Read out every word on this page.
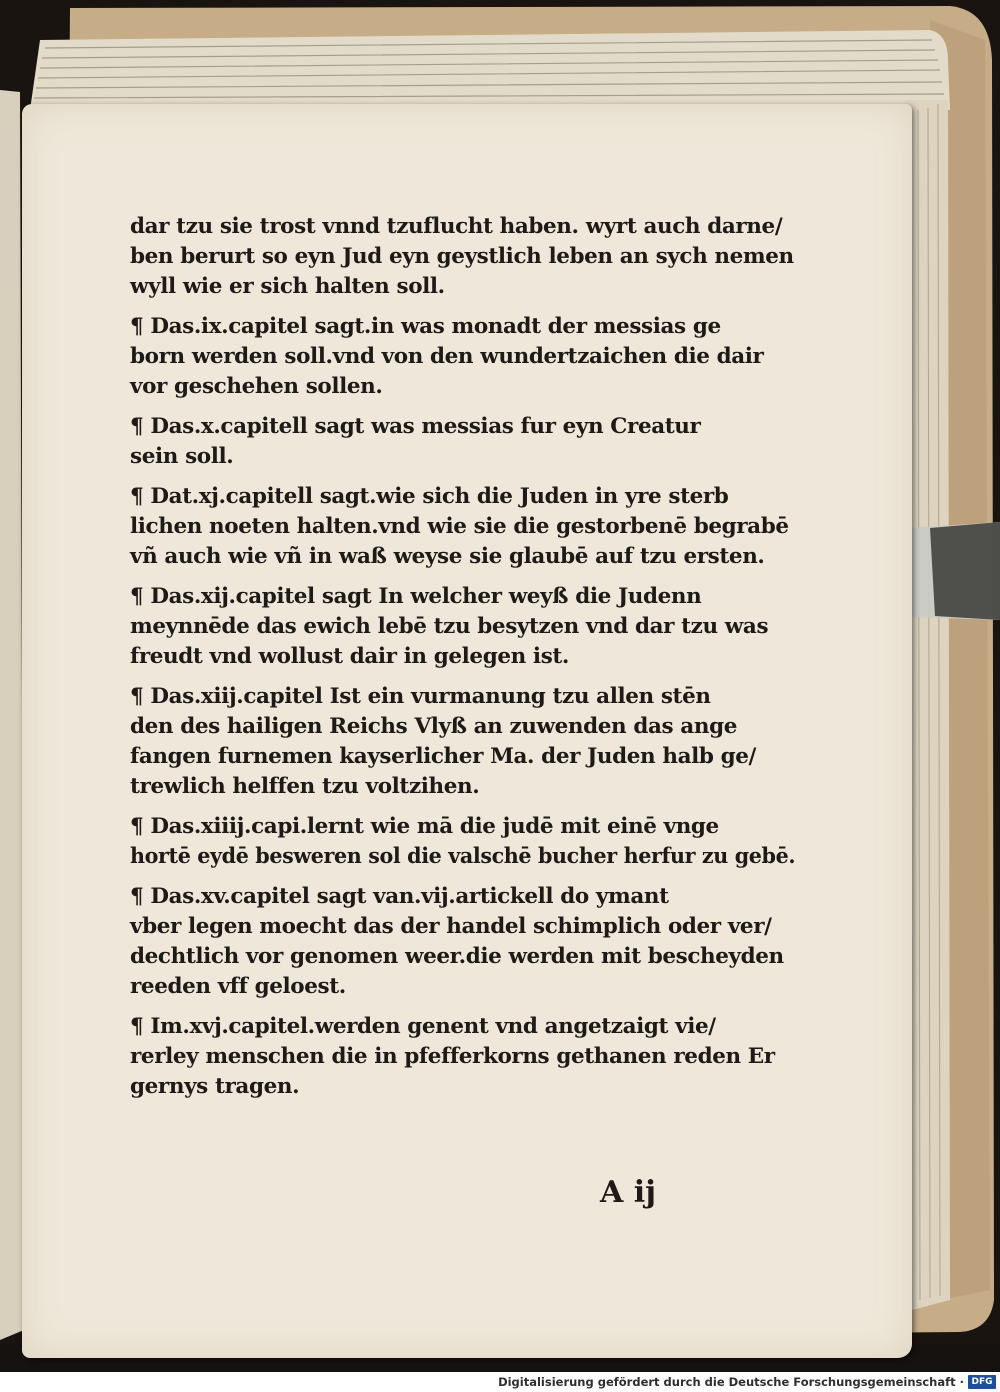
dar tzu sie trost vnnd tzuflucht haben. wyrt auch darne/
ben berurt so eyn Jud eyn geystlich leben an sych nemen
wyll wie er sich halten soll.
¶ Das.ix.capitel sagt.in was monadt der messias ge
born werden soll.vnd von den wundertzaichen die dair
vor geschehen sollen.
¶ Das.x.capitell sagt was messias fur eyn Creatur
sein soll.
¶ Dat.xj.capitell sagt.wie sich die Juden in yre sterb
lichen noeten halten.vnd wie sie die gestorbenē begrabē
vñ auch wie vñ in waß weyse sie glaubē auf tzu ersten.
¶ Das.xij.capitel sagt In welcher weyß die Judenn
meynnēde das ewich lebē tzu besytzen vnd dar tzu was
freudt vnd wollust dair in gelegen ist.
¶ Das.xiij.capitel Ist ein vurmanung tzu allen stēn
den des hailigen Reichs Vlyß an zuwenden das ange
fangen furnemen kayserlicher Ma. der Juden halb ge/
trewlich helffen tzu voltzihen.
¶ Das.xiiij.capi.lernt wie mā die judē mit einē vnge
hortē eydē besweren sol die valschē bucher herfur zu gebē.
¶ Das.xv.capitel sagt van.vij.artickell do ymant
vber legen moecht das der handel schimplich oder ver/
dechtlich vor genomen weer.die werden mit bescheyden
reeden vff geloest.
¶ Im.xvj.capitel.werden genent vnd angetzaigt vie/
rerley menschen die in pfefferkorns gethanen reden Er
gernys tragen.
A ij
Digitalisierung gefördert durch die Deutsche Forschungsgemeinschaft · DFG
